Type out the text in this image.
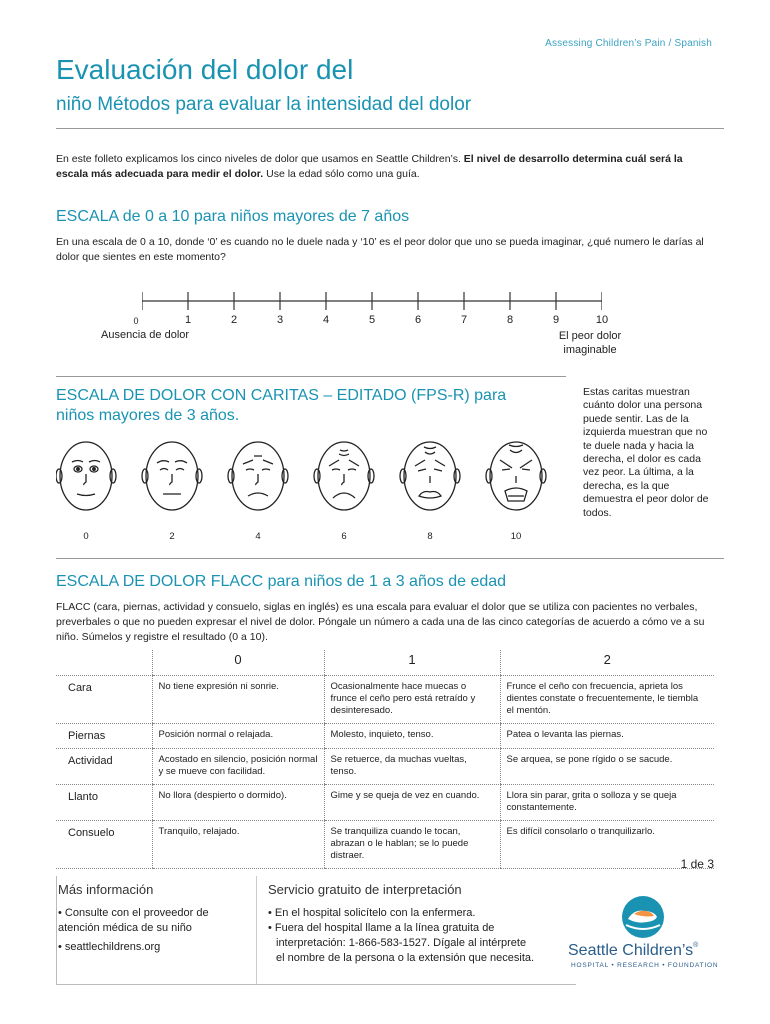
Assessing Children’s Pain / Spanish
Evaluación del dolor del
niño Métodos para evaluar la intensidad del dolor
En este folleto explicamos los cinco niveles de dolor que usamos en Seattle Children’s. El nivel de desarrollo determina cuál será la escala más adecuada para medir el dolor. Use la edad sólo como una guía.
ESCALA de 0 a 10 para niños mayores de 7 años
En una escala de 0 a 10, donde ‘0’ es cuando no le duele nada y ‘10’ es el peor dolor que uno se pueda imaginar, ¿qué numero le darías al dolor que sientes en este momento?
0	1	2	3	4	5	6	7	8	9	10
Ausencia de dolor	El peor dolor
imaginable
ESCALA DE DOLOR CON CARITAS – EDITADO (FPS-R) para
niños mayores de 3 años.
Estas caritas muestran cuánto dolor una persona puede sentir. Las de la izquierda muestran que no te duele nada y hacia la derecha, el dolor es cada vez peor. La última, a la derecha, es la que demuestra el peor dolor de todos.
0	2	4	6	8	10
ESCALA DE DOLOR FLACC para niños de 1 a 3 años de edad
FLACC (cara, piernas, actividad y consuelo, siglas en inglés) es una escala para evaluar el dolor que se utiliza con pacientes no verbales, preverbales o que no pueden expresar el nivel de dolor. Póngale un número a cada una de las cinco categorías de acuerdo a cómo ve a su niño. Súmelos y registre el resultado (0 a 10).
	0	1	2
Cara	No tiene expresión ni sonrie.	Ocasionalmente hace muecas o frunce el ceño pero está retraído y desinteresado.	Frunce el ceño con frecuencia, aprieta los dientes constate o frecuentemente, le tiembla el mentón.
Piernas	Posición normal o relajada.	Molesto, inquieto, tenso.	Patea o levanta las piernas.
Actividad	Acostado en silencio, posición normal y se mueve con facilidad.	Se retuerce, da muchas vueltas, tenso.	Se arquea, se pone rígido o se sacude.
Llanto	No llora (despierto o dormido).	Gime y se queja de vez en cuando.	Llora sin parar, grita o solloza y se queja constantemente.
Consuelo	Tranquilo, relajado.	Se tranquiliza cuando le tocan, abrazan o le hablan; se lo puede distraer.	Es difícil consolarlo o tranquilizarlo.
1 de 3
Más información
• Consulte con el proveedor de atención médica de su niño
• seattlechildrens.org
Servicio gratuito de interpretación
• En el hospital solicítelo con la enfermera.
• Fuera del hospital llame a la línea gratuita de interpretación: 1-866-583-1527. Dígale al intérprete el nombre de la persona o la extensión que necesita. Seattle Children’s®
HOSPITAL • RESEARCH • FOUNDATION
